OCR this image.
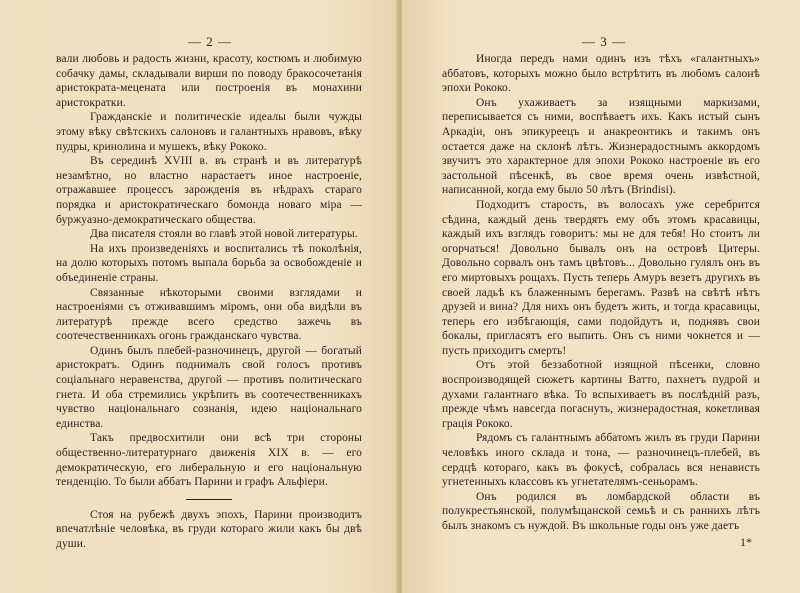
— 2 —

вали любовь и радость жизни, красоту, костюмъ и любимую собачку дамы, складывали вирши по поводу бракосочетанія аристократа-мецената или построенія въ монахини аристократки.

Гражданскіе и политическіе идеалы были чужды этому вѣку свѣтскихъ салоновъ и галантныхъ нравовъ, вѣку пудры, кринолина и мушекъ, вѣку Рококо.

Въ серединѣ XVIII в. въ странѣ и въ литературѣ незамѣтно, но властно нарастаетъ иное настроеніе, отражавшее процессъ зарожденія въ нѣдрахъ стараго порядка и аристократическаго бомонда новаго міра — буржуазно-демократическаго общества.

Два писателя стояли во главѣ этой новой литературы.

На ихъ произведеніяхъ и воспитались тѣ поколѣнія, на долю которыхъ потомъ выпала борьба за освобожденіе и объединеніе страны.

Связанные нѣкоторыми своими взглядами и настроеніями съ отживавшимъ міромъ, они оба видѣли въ литературѣ прежде всего средство зажечь въ соотечественникахъ огонь гражданскаго чувства.

Одинъ былъ плебей-разночинецъ, другой — богатый аристократъ. Одинъ поднималъ свой голосъ противъ соціальнаго неравенства, другой — противъ политическаго гнета. И оба стремились укрѣпить въ соотечественникахъ чувство національнаго сознанія, идею національнаго единства.

Такъ предвосхитили они всѣ три стороны общественно-литературнаго движенія XIX в. — его демократическую, его либеральную и его національную тенденцію. То были аббатъ Парини и графъ Альфіери.

Стоя на рубежѣ двухъ эпохъ, Парини производитъ впечатлѣніе человѣка, въ груди котораго жили какъ бы двѣ души.

— 3 —

Иногда передъ нами одинъ изъ тѣхъ «галантныхъ» аббатовъ, которыхъ можно было встрѣтить въ любомъ салонѣ эпохи Рококо.

Онъ ухаживаетъ за изящными маркизами, переписывается съ ними, воспѣваетъ ихъ. Какъ истый сынъ Аркадіи, онъ эпикуреецъ и анакреонтикъ и такимъ онъ остается даже на склонѣ лѣтъ. Жизнерадостнымъ аккордомъ звучитъ это характерное для эпохи Рококо настроеніе въ его застольной пѣсенкѣ, въ свое время очень извѣстной, написанной, когда ему было 50 лѣтъ (Brindisi).

Подходитъ старость, въ волосахъ уже серебрится сѣдина, каждый день твердятъ ему объ этомъ красавицы, каждый ихъ взглядъ говоритъ: мы не для тебя! Но стоитъ ли огорчаться! Довольно бывалъ онъ на островѣ Цитеры. Довольно сорвалъ онъ тамъ цвѣтовъ... Довольно гулялъ онъ въ его миртовыхъ рощахъ. Пусть теперь Амуръ везетъ другихъ въ своей ладьѣ къ блаженнымъ берегамъ. Развѣ на свѣтѣ нѣтъ друзей и вина? Для нихъ онъ будетъ жить, и тогда красавицы, теперь его избѣгающія, сами подойдутъ и, поднявъ свои бокалы, пригласятъ его выпить. Онъ съ ними чокнется и — пусть приходитъ смерть!

Отъ этой беззаботной изящной пѣсенки, словно воспроизводящей сюжетъ картины Ватто, пахнетъ пудрой и духами галантнаго вѣка. То вспыхиваетъ въ послѣдній разъ, прежде чѣмъ навсегда погаснуть, жизнерадостная, кокетливая грація Рококо.

Рядомъ съ галантнымъ аббатомъ жилъ въ груди Парини человѣкъ иного склада и тона, — разночинецъ-плебей, въ сердцѣ котораго, какъ въ фокусѣ, собралась вся ненависть угнетенныхъ классовъ къ угнетателямъ-сеньорамъ.

Онъ родился въ ломбардской области въ полукрестьянской, полумѣщанской семьѣ и съ раннихъ лѣтъ былъ знакомъ съ нуждой. Въ школьные годы онъ уже даетъ

1*
